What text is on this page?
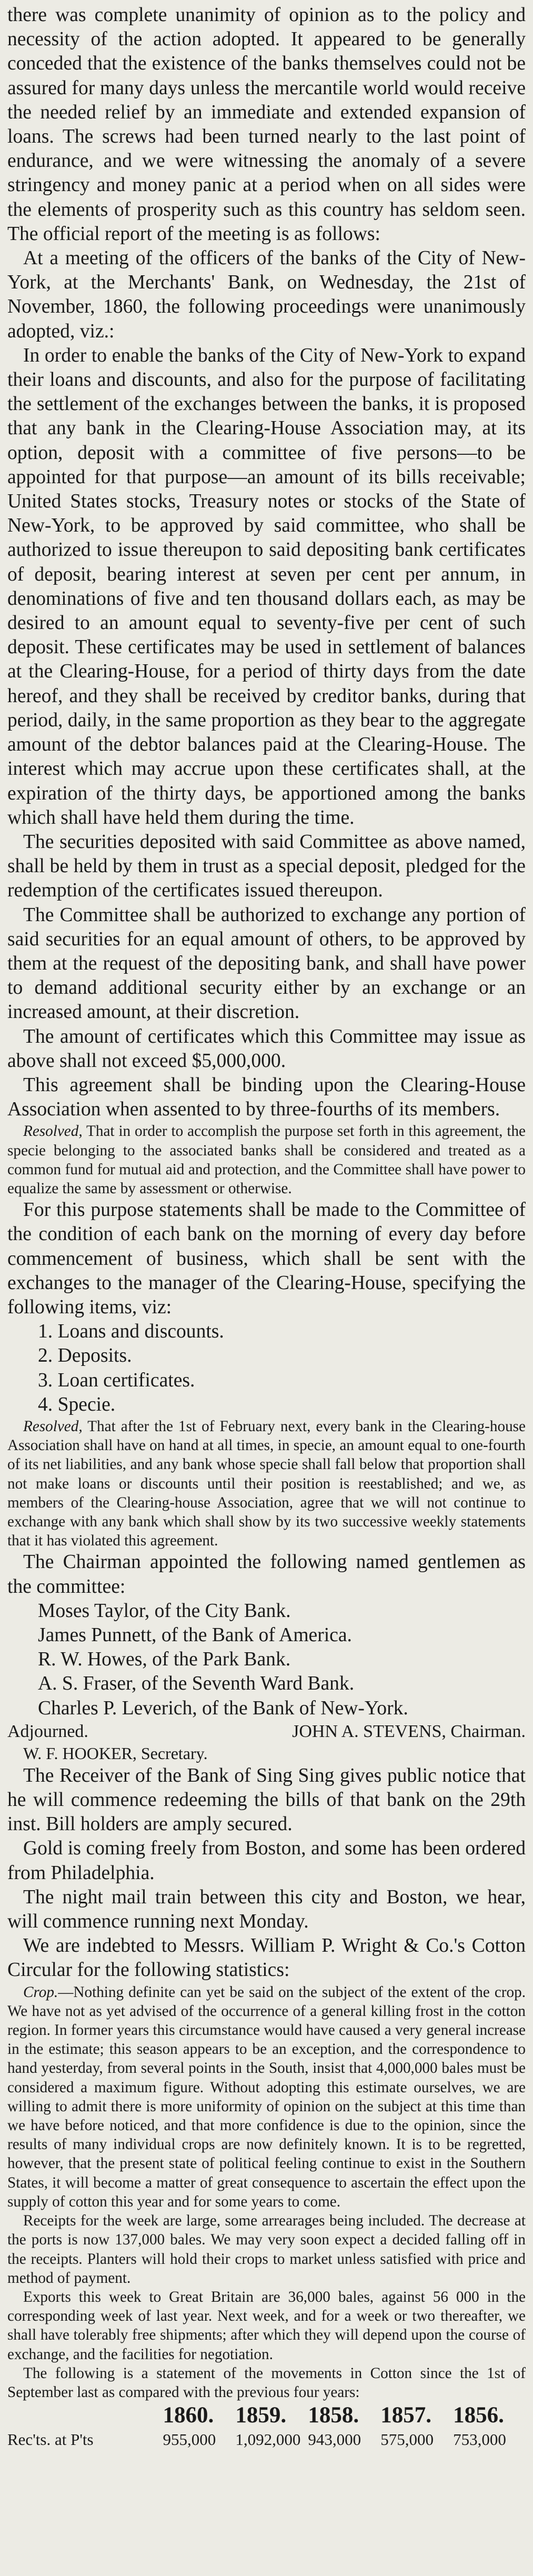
there was complete unanimity of opinion as to the policy and necessity of the action adopted. It appeared to be generally conceded that the existence of the banks themselves could not be assured for many days unless the mercantile world would receive the needed relief by an immediate and extended expansion of loans. The screws had been turned nearly to the last point of endurance, and we were witnessing the anomaly of a severe stringency and money panic at a period when on all sides were the elements of prosperity such as this country has seldom seen. The official report of the meeting is as follows:

At a meeting of the officers of the banks of the City of New-York, at the Merchants' Bank, on Wednesday, the 21st of November, 1860, the following proceedings were unanimously adopted, viz.:

In order to enable the banks of the City of New-York to expand their loans and discounts, and also for the purpose of facilitating the settlement of the exchanges between the banks, it is proposed that any bank in the Clearing-House Association may, at its option, deposit with a committee of five persons—to be appointed for that purpose—an amount of its bills receivable; United States stocks, Treasury notes or stocks of the State of New-York, to be approved by said committee, who shall be authorized to issue thereupon to said depositing bank certificates of deposit, bearing interest at seven per cent per annum, in denominations of five and ten thousand dollars each, as may be desired to an amount equal to seventy-five per cent of such deposit. These certificates may be used in settlement of balances at the Clearing-House, for a period of thirty days from the date hereof, and they shall be received by creditor banks, during that period, daily, in the same proportion as they bear to the aggregate amount of the debtor balances paid at the Clearing-House. The interest which may accrue upon these certificates shall, at the expiration of the thirty days, be apportioned among the banks which shall have held them during the time.

The securities deposited with said Committee as above named, shall be held by them in trust as a special deposit, pledged for the redemption of the certificates issued thereupon.

The Committee shall be authorized to exchange any portion of said securities for an equal amount of others, to be approved by them at the request of the depositing bank, and shall have power to demand additional security either by an exchange or an increased amount, at their discretion.

The amount of certificates which this Committee may issue as above shall not exceed $5,000,000.

This agreement shall be binding upon the Clearing-House Association when assented to by three-fourths of its members.

Resolved, That in order to accomplish the purpose set forth in this agreement, the specie belonging to the associated banks shall be considered and treated as a common fund for mutual aid and protection, and the Committee shall have power to equalize the same by assessment or otherwise.

For this purpose statements shall be made to the Committee of the condition of each bank on the morning of every day before commencement of business, which shall be sent with the exchanges to the manager of the Clearing-House, specifying the following items, viz:

1. Loans and discounts.
2. Deposits.
3. Loan certificates.
4. Specie.

Resolved, That after the 1st of February next, every bank in the Clearing-house Association shall have on hand at all times, in specie, an amount equal to one-fourth of its net liabilities, and any bank whose specie shall fall below that proportion shall not make loans or discounts until their position is reestablished; and we, as members of the Clearing-house Association, agree that we will not continue to exchange with any bank which shall show by its two successive weekly statements that it has violated this agreement.

The Chairman appointed the following named gentlemen as the committee:

Moses Taylor, of the City Bank.
James Punnett, of the Bank of America.
R. W. Howes, of the Park Bank.
A. S. Fraser, of the Seventh Ward Bank.
Charles P. Leverich, of the Bank of New-York.
Adjourned.	JOHN A. STEVENS, Chairman.

W. F. HOOKER, Secretary.

The Receiver of the Bank of Sing Sing gives public notice that he will commence redeeming the bills of that bank on the 29th inst. Bill holders are amply secured.

Gold is coming freely from Boston, and some has been ordered from Philadelphia.

The night mail train between this city and Boston, we hear, will commence running next Monday.

We are indebted to Messrs. William P. Wright & Co.'s Cotton Circular for the following statistics:

Crop.—Nothing definite can yet be said on the subject of the extent of the crop. We have not as yet advised of the occurrence of a general killing frost in the cotton region. In former years this circumstance would have caused a very general increase in the estimate; this season appears to be an exception, and the correspondence to hand yesterday, from several points in the South, insist that 4,000,000 bales must be considered a maximum figure. Without adopting this estimate ourselves, we are willing to admit there is more uniformity of opinion on the subject at this time than we have before noticed, and that more confidence is due to the opinion, since the results of many individual crops are now definitely known. It is to be regretted, however, that the present state of political feeling continue to exist in the Southern States, it will become a matter of great consequence to ascertain the effect upon the supply of cotton this year and for some years to come.

Receipts for the week are large, some arrearages being included. The decrease at the ports is now 137,000 bales. We may very soon expect a decided falling off in the receipts. Planters will hold their crops to market unless satisfied with price and method of payment.

Exports this week to Great Britain are 36,000 bales, against 56 000 in the corresponding week of last year. Next week, and for a week or two thereafter, we shall have tolerably free shipments; after which they will depend upon the course of exchange, and the facilities for negotiation.

The following is a statement of the movements in Cotton since the 1st of September last as compared with the previous four years:

1860. 1859. 1858. 1857. 1856.
Rec'ts. at P'ts	955,000	1,092,000 943,000	575,000	753,000
